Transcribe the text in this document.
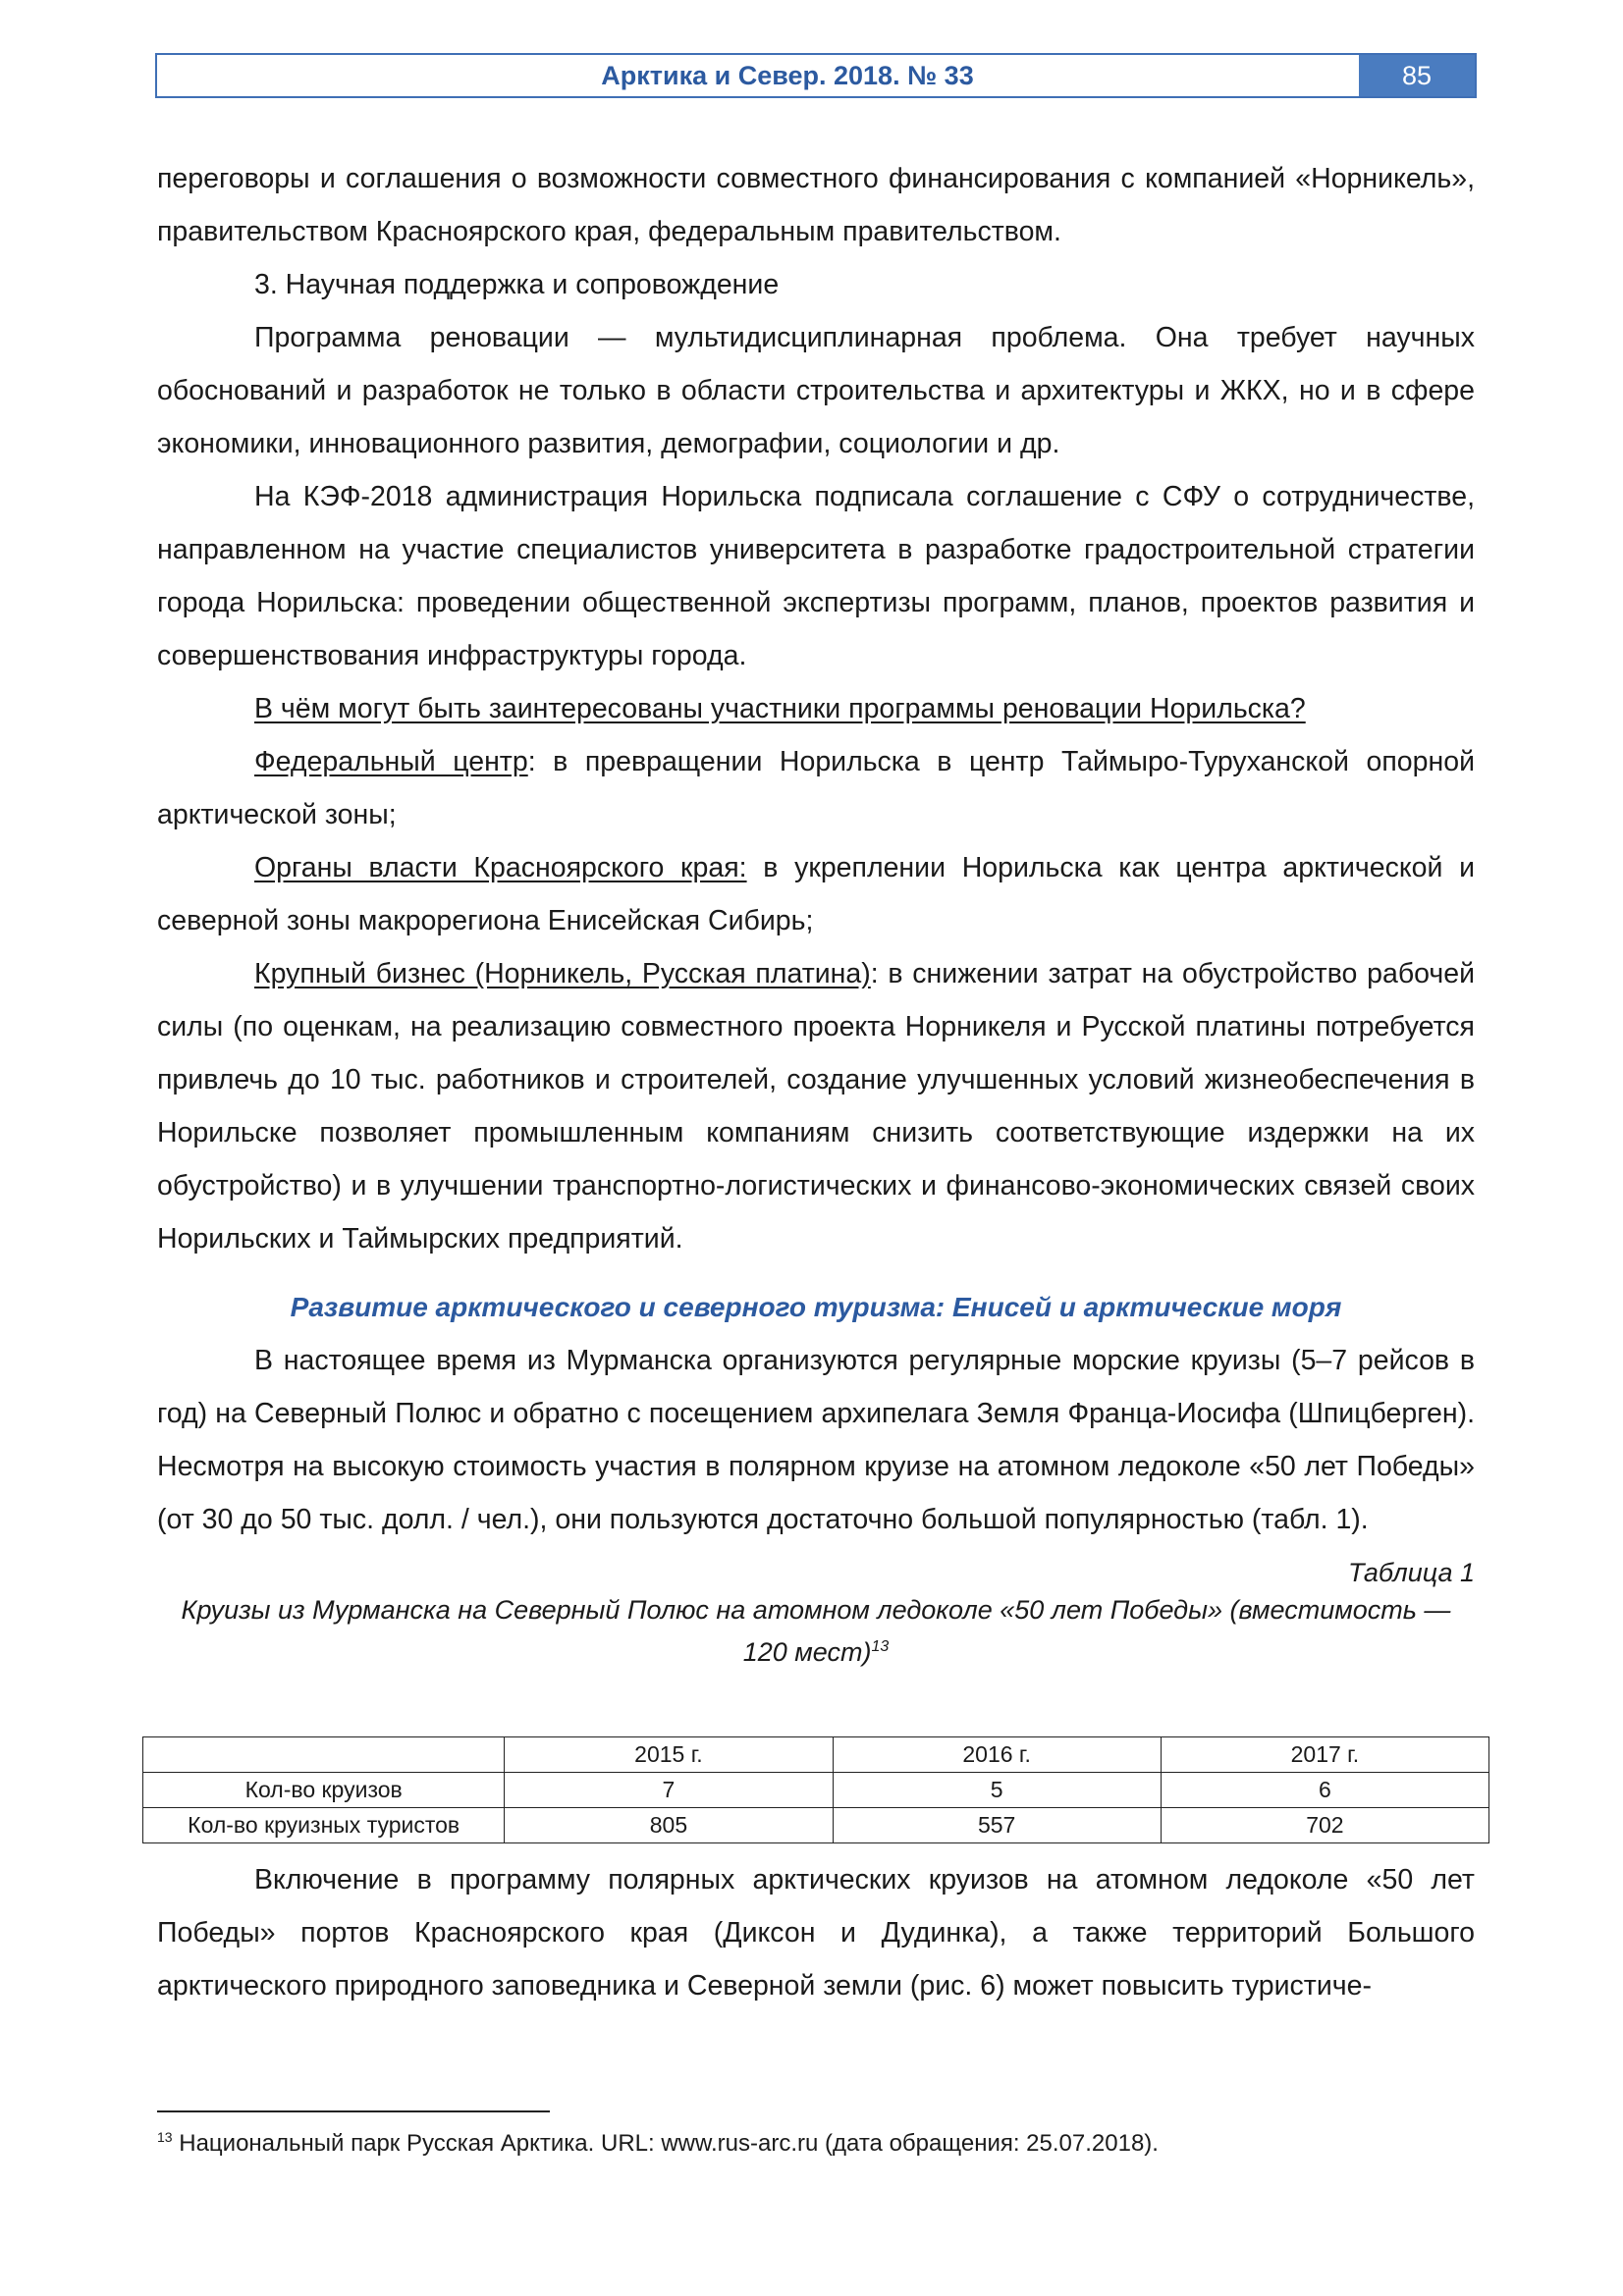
Арктика и Север. 2018. № 33	85

переговоры и соглашения о возможности совместного финансирования с компанией «Норникель», правительством Красноярского края, федеральным правительством.

3. Научная поддержка и сопровождение

Программа реновации — мультидисциплинарная проблема. Она требует научных обоснований и разработок не только в области строительства и архитектуры и ЖКХ, но и в сфере экономики, инновационного развития, демографии, социологии и др.

На КЭФ-2018 администрация Норильска подписала соглашение с СФУ о сотрудничестве, направленном на участие специалистов университета в разработке градостроительной стратегии города Норильска: проведении общественной экспертизы программ, планов, проектов развития и совершенствования инфраструктуры города.

В чём могут быть заинтересованы участники программы реновации Норильска?

Федеральный центр: в превращении Норильска в центр Таймыро-Туруханской опорной арктической зоны;

Органы власти Красноярского края: в укреплении Норильска как центра арктической и северной зоны макрорегиона Енисейская Сибирь;

Крупный бизнес (Норникель, Русская платина): в снижении затрат на обустройство рабочей силы (по оценкам, на реализацию совместного проекта Норникеля и Русской платины потребуется привлечь до 10 тыс. работников и строителей, создание улучшенных условий жизнеобеспечения в Норильске позволяет промышленным компаниям снизить соответствующие издержки на их обустройство) и в улучшении транспортно-логистических и финансово-экономических связей своих Норильских и Таймырских предприятий.

Развитие арктического и северного туризма: Енисей и арктические моря

В настоящее время из Мурманска организуются регулярные морские круизы (5–7 рейсов в год) на Северный Полюс и обратно с посещением архипелага Земля Франца-Иосифа (Шпицберген). Несмотря на высокую стоимость участия в полярном круизе на атомном ледоколе «50 лет Победы» (от 30 до 50 тыс. долл. / чел.), они пользуются достаточно большой популярностью (табл. 1).

Таблица 1

Круизы из Мурманска на Северный Полюс на атомном ледоколе «50 лет Победы» (вместимость — 120 мест)$^{13}$

	2015 г.	2016 г.	2017 г.
Кол-во круизов	7	5	6
Кол-во круизных туристов	805	557	702

Включение в программу полярных арктических круизов на атомном ледоколе «50 лет Победы» портов Красноярского края (Диксон и Дудинка), а также территорий Большого арктического природного заповедника и Северной земли (рис. 6) может повысить туристиче-

$^{13}$ Национальный парк Русская Арктика. URL: www.rus-arc.ru (дата обращения: 25.07.2018).
